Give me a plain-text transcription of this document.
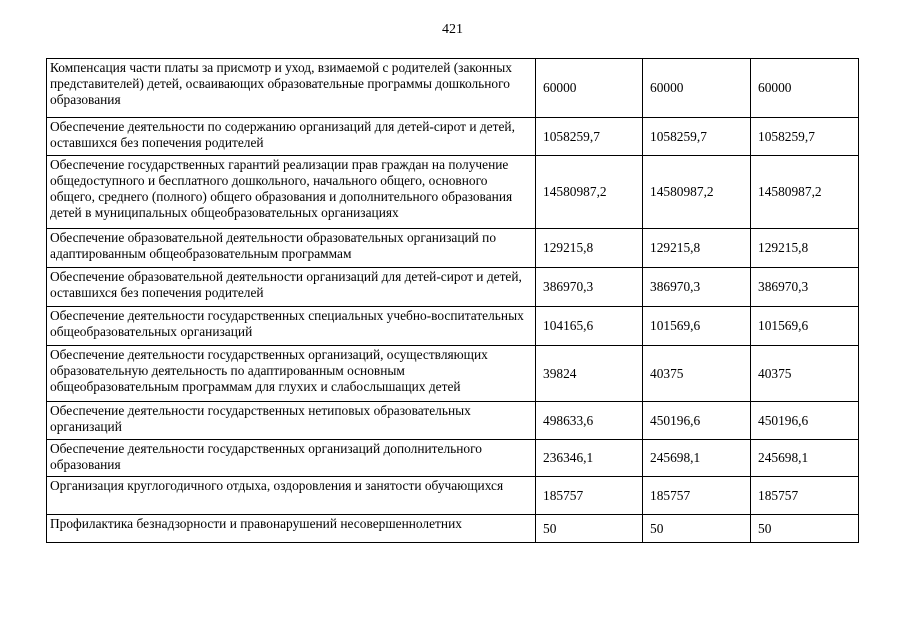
421
Компенсация части платы за присмотр и уход, взимаемой с родителей (законных представителей) детей, осваивающих образовательные программы дошкольного образования	60000	60000	60000
Обеспечение деятельности по содержанию организаций для детей-сирот и детей, оставшихся без попечения родителей	1058259,7	1058259,7	1058259,7
Обеспечение государственных гарантий реализации прав граждан на получение общедоступного и бесплатного дошкольного, начального общего, основного общего, среднего (полного) общего образования и дополнительного образования детей в муниципальных общеобразовательных организациях	14580987,2	14580987,2	14580987,2
Обеспечение образовательной деятельности образовательных организаций по адаптированным общеобразовательным программам	129215,8	129215,8	129215,8
Обеспечение образовательной деятельности организаций для детей-сирот и детей, оставшихся без попечения родителей	386970,3	386970,3	386970,3
Обеспечение деятельности государственных специальных учебно-воспитательных общеобразовательных организаций	104165,6	101569,6	101569,6
Обеспечение деятельности государственных организаций, осуществляющих образовательную деятельность по адаптированным основным общеобразовательным программам для глухих и слабослышащих детей	39824	40375	40375
Обеспечение деятельности государственных нетиповых образовательных организаций	498633,6	450196,6	450196,6
Обеспечение деятельности государственных организаций дополнительного образования	236346,1	245698,1	245698,1
Организация круглогодичного отдыха, оздоровления и занятости обучающихся	185757	185757	185757
Профилактика безнадзорности и правонарушений несовершеннолетних	50	50	50
